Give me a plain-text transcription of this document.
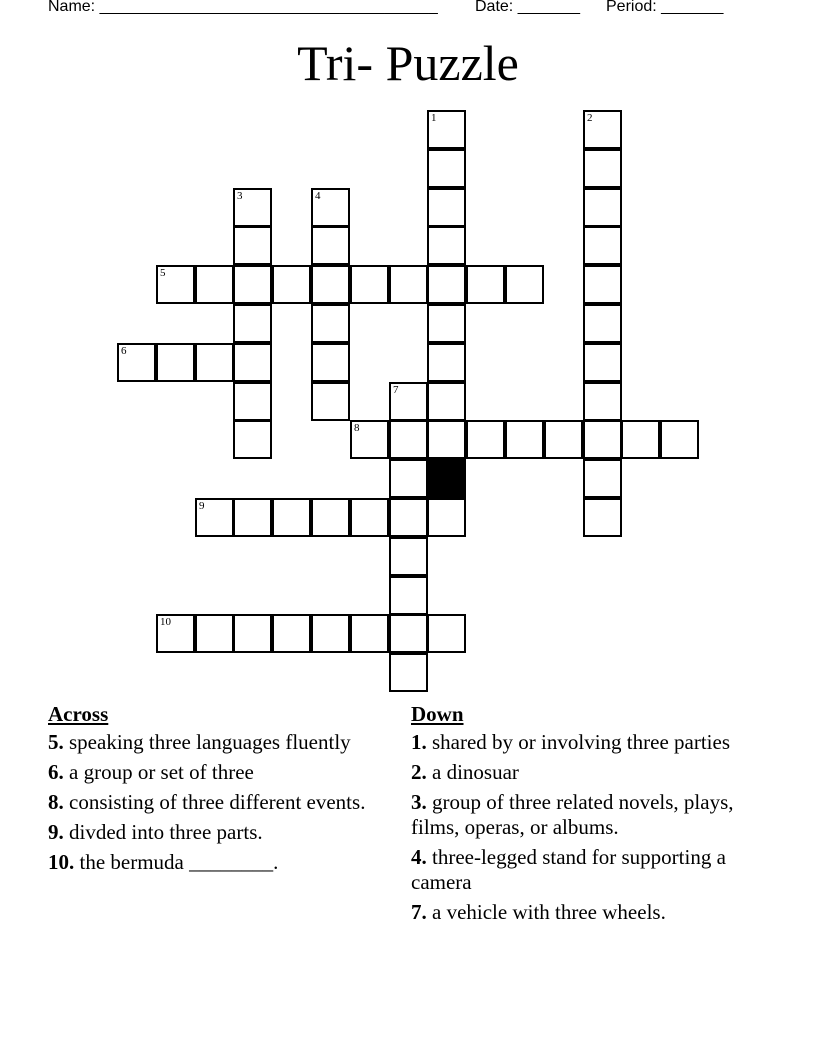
Name: ______________________________________ Date: _______ Period: _______
Tri- Puzzle
1	2
3	4
5
6
7
8
9
10
Across
5. speaking three languages fluently
6. a group or set of three
8. consisting of three different events.
9. divded into three parts.
10. the bermuda ________.
Down
1. shared by or involving three parties
2. a dinosuar
3. group of three related novels, plays, films, operas, or albums.
4. three-legged stand for supporting a camera
7. a vehicle with three wheels.
